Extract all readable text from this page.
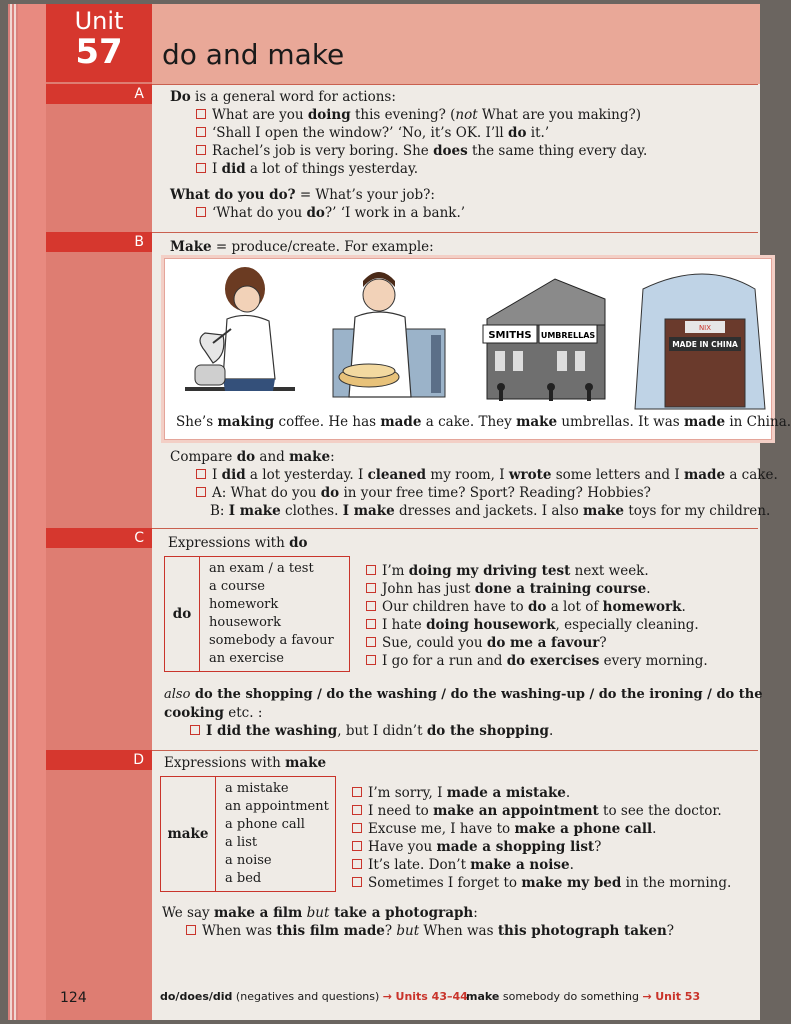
Unit
57	do and make
A	Do is a general word for actions:
What are you doing this evening? (not What are you making?)
‘Shall I open the window?’ ‘No, it’s OK. I’ll do it.’
Rachel’s job is very boring. She does the same thing every day.
I did a lot of things yesterday.
What do you do? = What’s your job?:
‘What do you do?’ ‘I work in a bank.’
B	Make = produce/create. For example:
SMITHS UMBRELLAS
NIX
MADE IN CHINA
She’s making coffee. He has made a cake. They make umbrellas. It was made in China.
Compare do and make:
I did a lot yesterday. I cleaned my room, I wrote some letters and I made a cake.
A: What do you do in your free time? Sport? Reading? Hobbies?
B: I make clothes. I make dresses and jackets. I also make toys for my children.
C	Expressions with do
do
an exam / a test
a course
homework
housework
somebody a favour
an exercise
I’m doing my driving test next week.
John has just done a training course.
Our children have to do a lot of homework.
I hate doing housework, especially cleaning.
Sue, could you do me a favour?
I go for a run and do exercises every morning.
also do the shopping / do the washing / do the washing-up / do the ironing / do the
cooking etc. :
I did the washing, but I didn’t do the shopping.
D	Expressions with make
make
a mistake
an appointment
a phone call
a list
a noise
a bed
I’m sorry, I made a mistake.
I need to make an appointment to see the doctor.
Excuse me, I have to make a phone call.
Have you made a shopping list?
It’s late. Don’t make a noise.
Sometimes I forget to make my bed in the morning.
We say make a film but take a photograph:
When was this film made? but When was this photograph taken?
124	do/does/did (negatives and questions) → Units 43–44
make somebody do something → Unit 53
